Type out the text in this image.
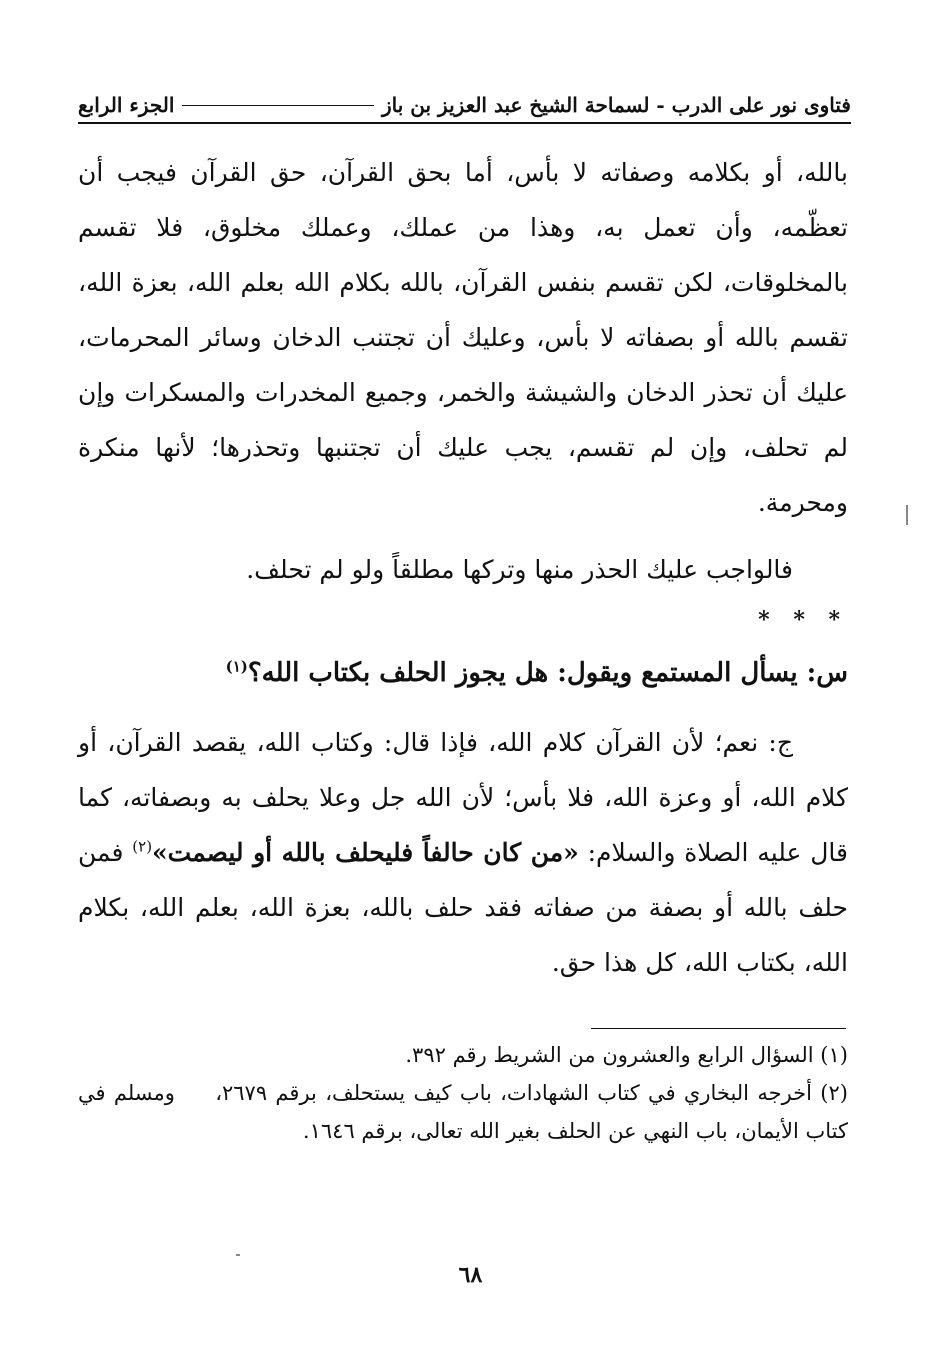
فتاوى نور على الدرب - لسماحة الشيخ عبد العزيز بن باز
الجزء الرابع

بالله، أو بكلامه وصفاته لا بأس، أما بحق القرآن، حق القرآن فيجب أن تعظّمه، وأن تعمل به، وهذا من عملك، وعملك مخلوق، فلا تقسم بالمخلوقات، لكن تقسم بنفس القرآن، بالله بكلام الله بعلم الله، بعزة الله، تقسم بالله أو بصفاته لا بأس، وعليك أن تجتنب الدخان وسائر المحرمات، عليك أن تحذر الدخان والشيشة والخمر، وجميع المخدرات والمسكرات وإن لم تحلف، وإن لم تقسم، يجب عليك أن تجتنبها وتحذرها؛ لأنها منكرة ومحرمة.

فالواجب عليك الحذر منها وتركها مطلقاً ولو لم تحلف.

* * *

س: يسأل المستمع ويقول: هل يجوز الحلف بكتاب الله؟$^{(١)}$

ج: نعم؛ لأن القرآن كلام الله، فإذا قال: وكتاب الله، يقصد القرآن، أو كلام الله، أو وعزة الله، فلا بأس؛ لأن الله جل وعلا يحلف به وبصفاته، كما قال عليه الصلاة والسلام: «من كان حالفاً فليحلف بالله أو ليصمت»$^{(٢)}$ فمن حلف بالله أو بصفة من صفاته فقد حلف بالله، بعزة الله، بعلم الله، بكلام الله، بكتاب الله، كل هذا حق.

(١) السؤال الرابع والعشرون من الشريط رقم ٣٩٢.

(٢) أخرجه البخاري في كتاب الشهادات، باب كيف يستحلف، برقم ٢٦٧٩، ومسلم في كتاب الأيمان، باب النهي عن الحلف بغير الله تعالى، برقم ١٦٤٦.

٦٨
